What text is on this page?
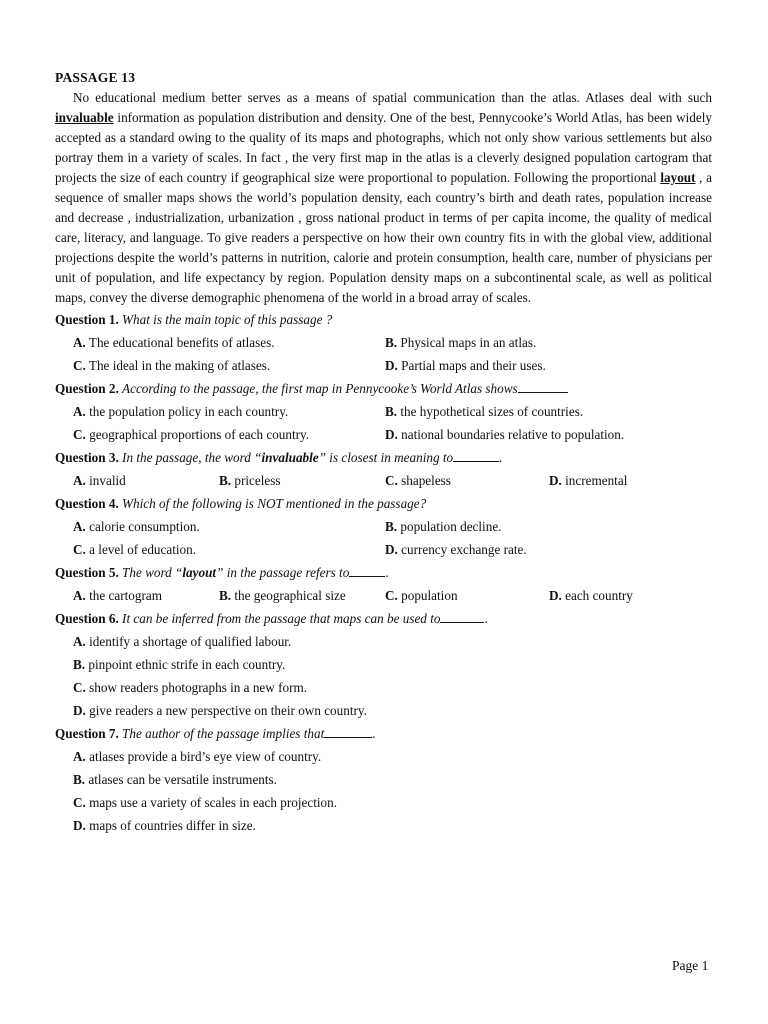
PASSAGE 13

No educational medium better serves as a means of spatial communication than the atlas. Atlases deal with such invaluable information as population distribution and density. One of the best, Pennycooke’s World Atlas, has been widely accepted as a standard owing to the quality of its maps and photographs, which not only show various settlements but also portray them in a variety of scales. In fact , the very first map in the atlas is a cleverly designed population cartogram that projects the size of each country if geographical size were proportional to population. Following the proportional layout , a sequence of smaller maps shows the world’s population density, each country’s birth and death rates, population increase and decrease , industrialization, urbanization , gross national product in terms of per capita income, the quality of medical care, literacy, and language. To give readers a perspective on how their own country fits in with the global view, additional projections despite the world’s patterns in nutrition, calorie and protein consumption, health care, number of physicians per unit of population, and life expectancy by region. Population density maps on a subcontinental scale, as well as political maps, convey the diverse demographic phenomena of the world in a broad array of scales.

Question 1. What is the main topic of this passage ?
A. The educational benefits of atlases.	B. Physical maps in an atlas.
C. The ideal in the making of atlases.	D. Partial maps and their uses.
Question 2. According to the passage, the first map in Pennycooke’s World Atlas shows
A. the population policy in each country.	B. the hypothetical sizes of countries.
C. geographical proportions of each country.	D. national boundaries relative to population.
Question 3. In the passage, the word “invaluable” is closest in meaning to	.
A. invalid	B. priceless	C. shapeless	D. incremental
Question 4. Which of the following is NOT mentioned in the passage?
A. calorie consumption.	B. population decline.
C. a level of education.	D. currency exchange rate.
Question 5. The word “layout” in the passage refers to	.
A. the cartogram	B. the geographical size	C. population	D. each country
Question 6. It can be inferred from the passage that maps can be used to	.
A. identify a shortage of qualified labour.
B. pinpoint ethnic strife in each country.
C. show readers photographs in a new form.
D. give readers a new perspective on their own country.
Question 7. The author of the passage implies that	.
A. atlases provide a bird’s eye view of country.
B. atlases can be versatile instruments.
C. maps use a variety of scales in each projection.
D. maps of countries differ in size.
Page 1
